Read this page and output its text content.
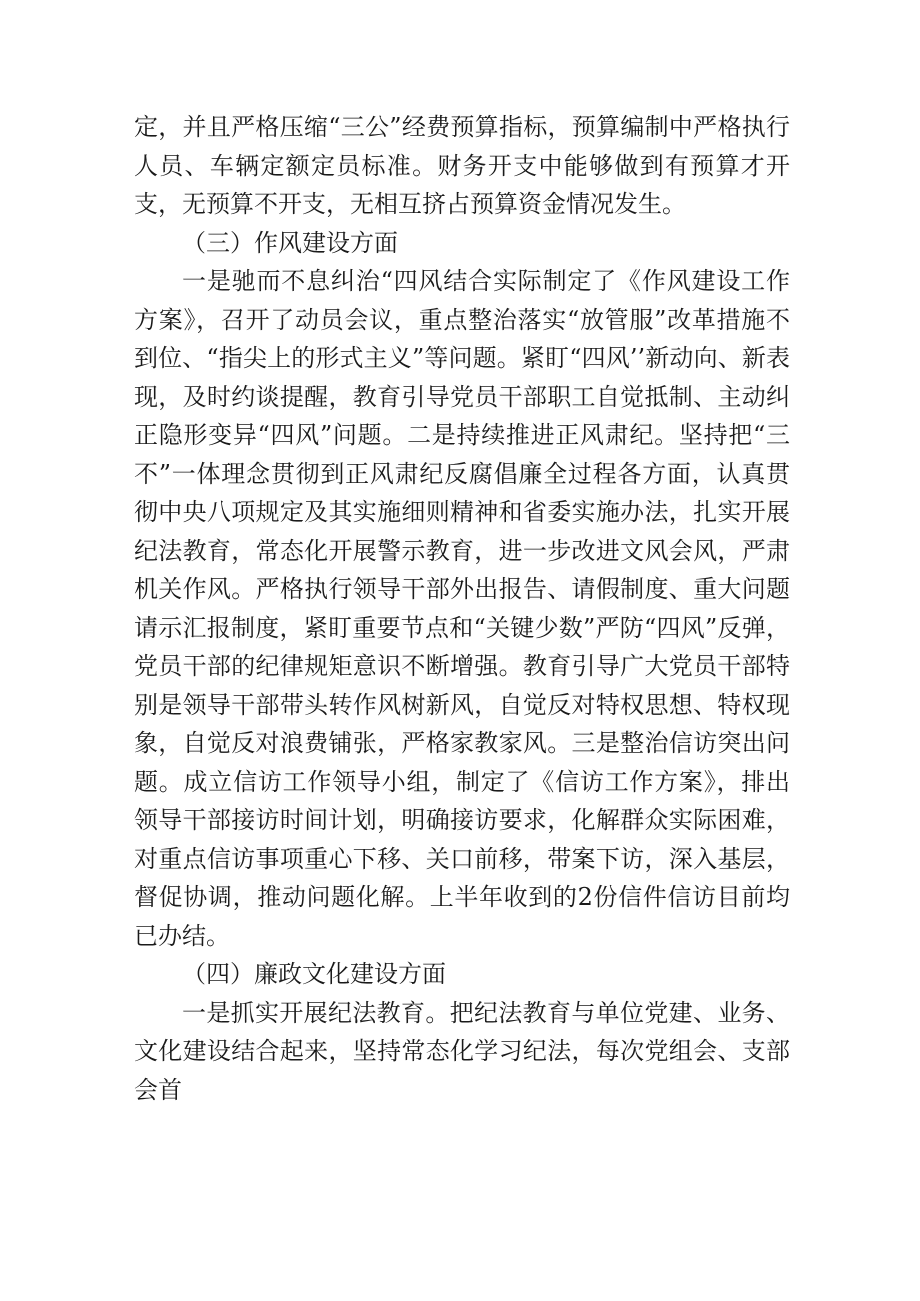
定，并且严格压缩“三公”经费预算指标，预算编制中严格执行人员、车辆定额定员标准。财务开支中能够做到有预算才开支，无预算不开支，无相互挤占预算资金情况发生。

（三）作风建设方面

一是驰而不息纠治“四风结合实际制定了《作风建设工作方案》，召开了动员会议，重点整治落实“放管服”改革措施不到位、“指尖上的形式主义”等问题。紧盯“四风’’新动向、新表现，及时约谈提醒，教育引导党员干部职工自觉抵制、主动纠正隐形变异“四风”问题。二是持续推进正风肃纪。坚持把“三不”一体理念贯彻到正风肃纪反腐倡廉全过程各方面，认真贯彻中央八项规定及其实施细则精神和省委实施办法，扎实开展纪法教育，常态化开展警示教育，进一步改进文风会风，严肃机关作风。严格执行领导干部外出报告、请假制度、重大问题请示汇报制度，紧盯重要节点和“关键少数”严防“四风”反弹，党员干部的纪律规矩意识不断增强。教育引导广大党员干部特别是领导干部带头转作风树新风，自觉反对特权思想、特权现象，自觉反对浪费铺张，严格家教家风。三是整治信访突出问题。成立信访工作领导小组，制定了《信访工作方案》，排出领导干部接访时间计划，明确接访要求，化解群众实际困难，对重点信访事项重心下移、关口前移，带案下访，深入基层，督促协调，推动问题化解。上半年收到的2份信件信访目前均已办结。

（四）廉政文化建设方面

一是抓实开展纪法教育。把纪法教育与单位党建、业务、文化建设结合起来，坚持常态化学习纪法，每次党组会、支部会首
